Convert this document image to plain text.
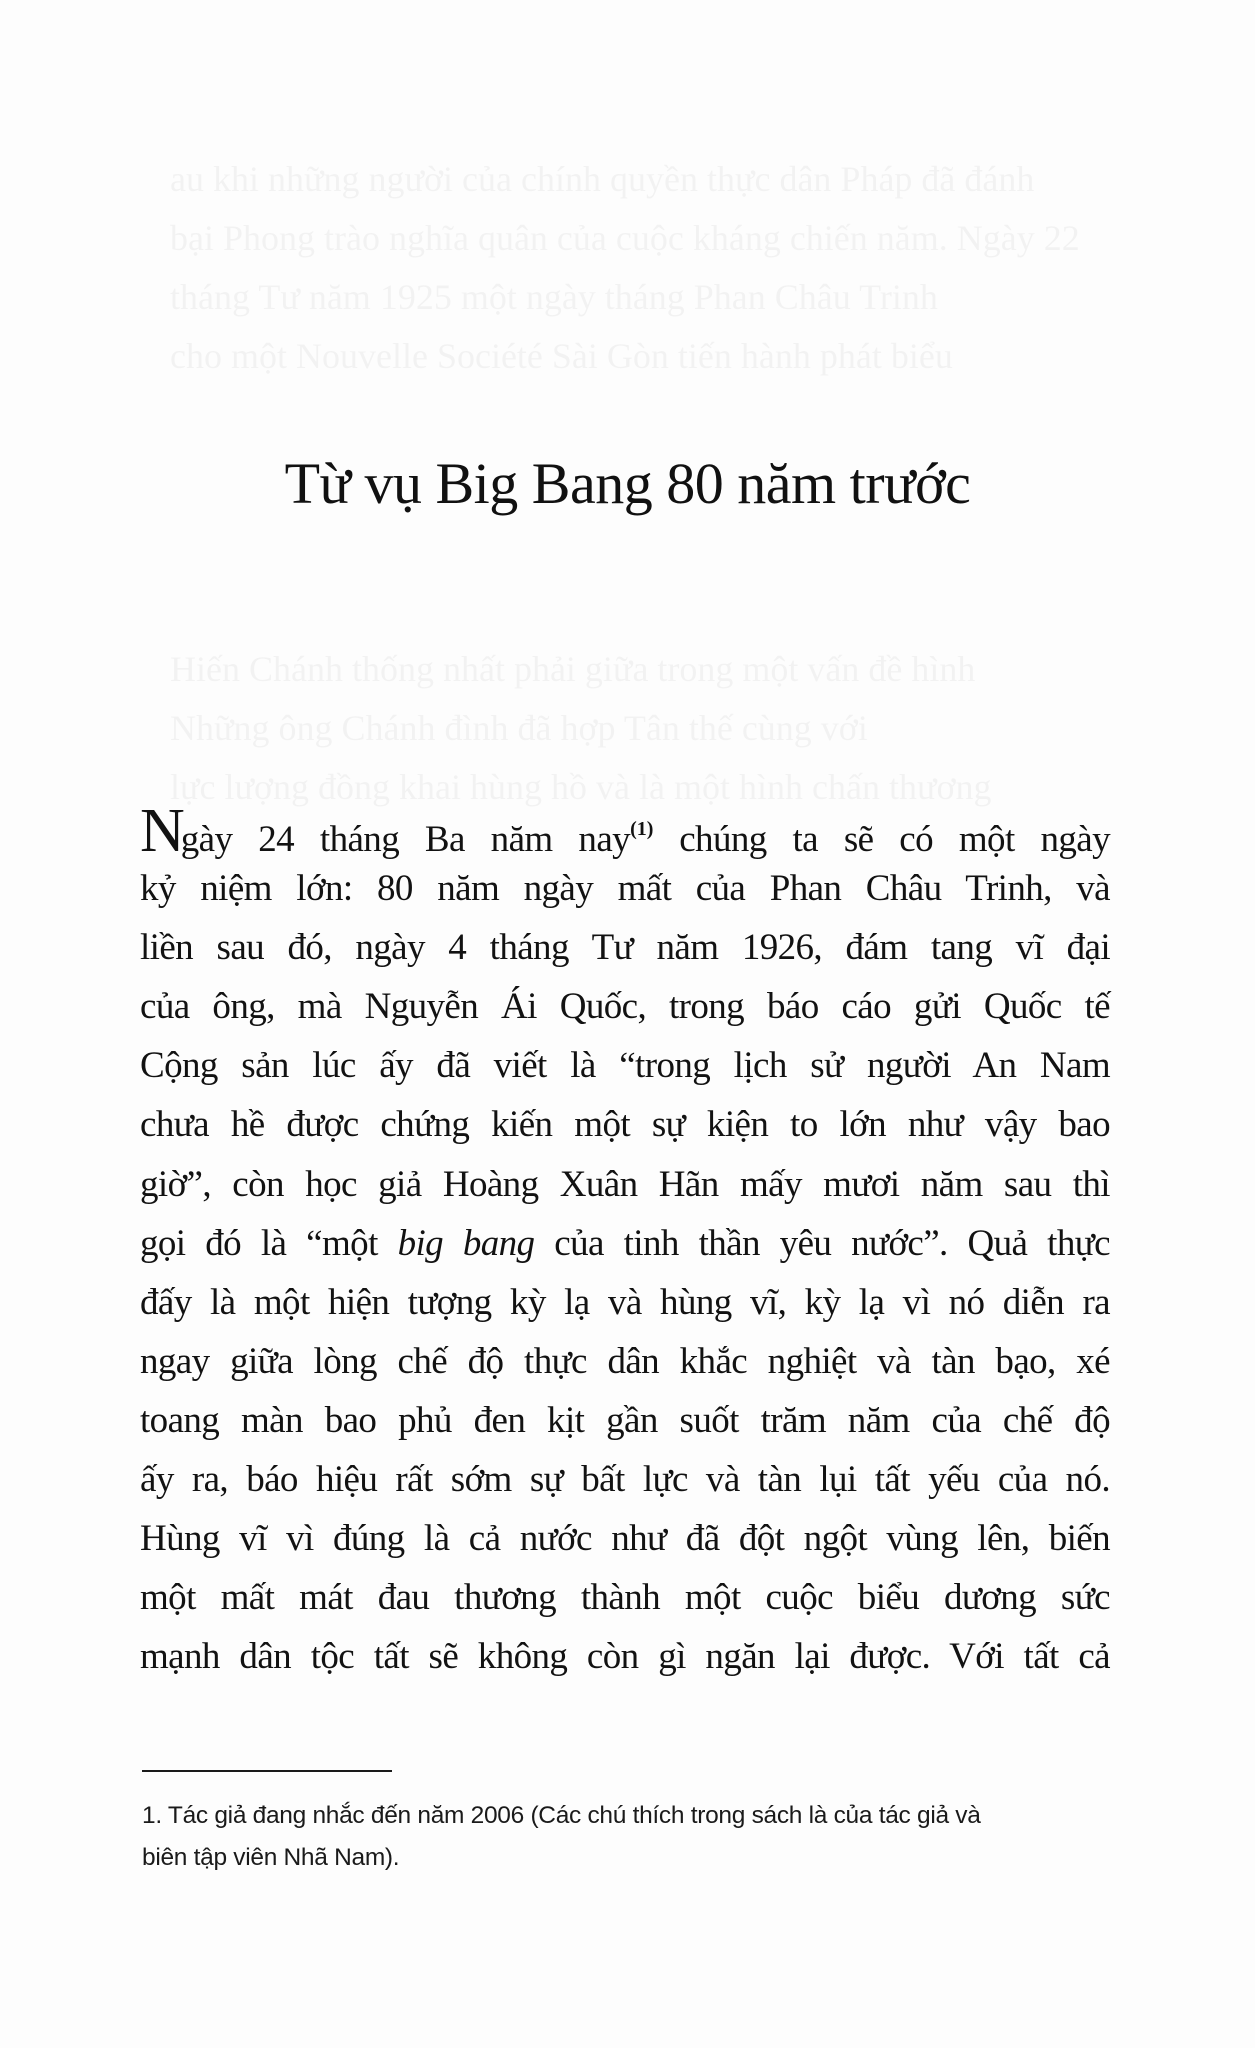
Từ vụ Big Bang 80 năm trước
Ngày 24 tháng Ba năm nay$^{(1)}$ chúng ta sẽ có một ngày
kỷ niệm lớn: 80 năm ngày mất của Phan Châu Trinh, và
liền sau đó, ngày 4 tháng Tư năm 1926, đám tang vĩ đại
của ông, mà Nguyễn Ái Quốc, trong báo cáo gửi Quốc tế
Cộng sản lúc ấy đã viết là “trong lịch sử người An Nam
chưa hề được chứng kiến một sự kiện to lớn như vậy bao
giờ”, còn học giả Hoàng Xuân Hãn mấy mươi năm sau thì
gọi đó là “một big bang của tinh thần yêu nước”. Quả thực
đấy là một hiện tượng kỳ lạ và hùng vĩ, kỳ lạ vì nó diễn ra
ngay giữa lòng chế độ thực dân khắc nghiệt và tàn bạo, xé
toang màn bao phủ đen kịt gần suốt trăm năm của chế độ
ấy ra, báo hiệu rất sớm sự bất lực và tàn lụi tất yếu của nó.
Hùng vĩ vì đúng là cả nước như đã đột ngột vùng lên, biến
một mất mát đau thương thành một cuộc biểu dương sức
mạnh dân tộc tất sẽ không còn gì ngăn lại được. Với tất cả
1. Tác giả đang nhắc đến năm 2006 (Các chú thích trong sách là của tác giả và
biên tập viên Nhã Nam).
